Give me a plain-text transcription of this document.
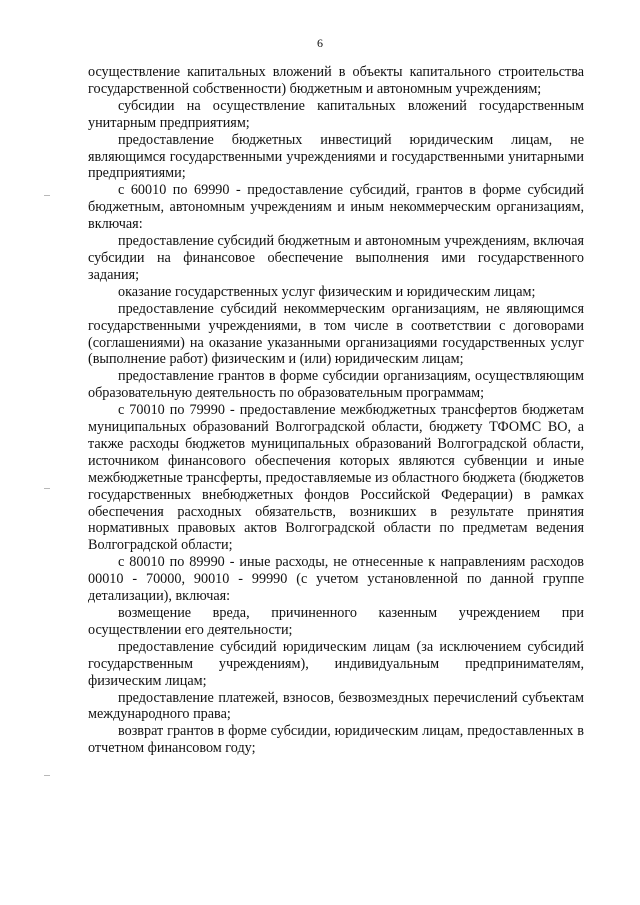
6

осуществление капитальных вложений в объекты капитального строительства государственной собственности) бюджетным и автономным учреждениям;

субсидии на осуществление капитальных вложений государственным унитарным предприятиям;

предоставление бюджетных инвестиций юридическим лицам, не являющимся государственными учреждениями и государственными унитарными предприятиями;

с 60010 по 69990 - предоставление субсидий, грантов в форме субсидий бюджетным, автономным учреждениям и иным некоммерческим организациям, включая:

предоставление субсидий бюджетным и автономным учреждениям, включая субсидии на финансовое обеспечение выполнения ими государственного задания;

оказание государственных услуг физическим и юридическим лицам;

предоставление субсидий некоммерческим организациям, не являющимся государственными учреждениями, в том числе в соответствии с договорами (соглашениями) на оказание указанными организациями государственных услуг (выполнение работ) физическим и (или) юридическим лицам;

предоставление грантов в форме субсидии организациям, осуществляющим образовательную деятельность по образовательным программам;

с 70010 по 79990 - предоставление межбюджетных трансфертов бюджетам муниципальных образований Волгоградской области, бюджету ТФОМС ВО, а также расходы бюджетов муниципальных образований Волгоградской области, источником финансового обеспечения которых являются субвенции и иные межбюджетные трансферты, предоставляемые из областного бюджета (бюджетов государственных внебюджетных фондов Российской Федерации) в рамках обеспечения расходных обязательств, возникших в результате принятия нормативных правовых актов Волгоградской области по предметам ведения Волгоградской области;

с 80010 по 89990 - иные расходы, не отнесенные к направлениям расходов 00010 - 70000, 90010 - 99990 (с учетом установленной по данной группе детализации), включая:

возмещение вреда, причиненного казенным учреждением при осуществлении его деятельности;

предоставление субсидий юридическим лицам (за исключением субсидий государственным учреждениям), индивидуальным предпринимателям, физическим лицам;

предоставление платежей, взносов, безвозмездных перечислений субъектам международного права;

возврат грантов в форме субсидии, юридическим лицам, предоставленных в отчетном финансовом году;
